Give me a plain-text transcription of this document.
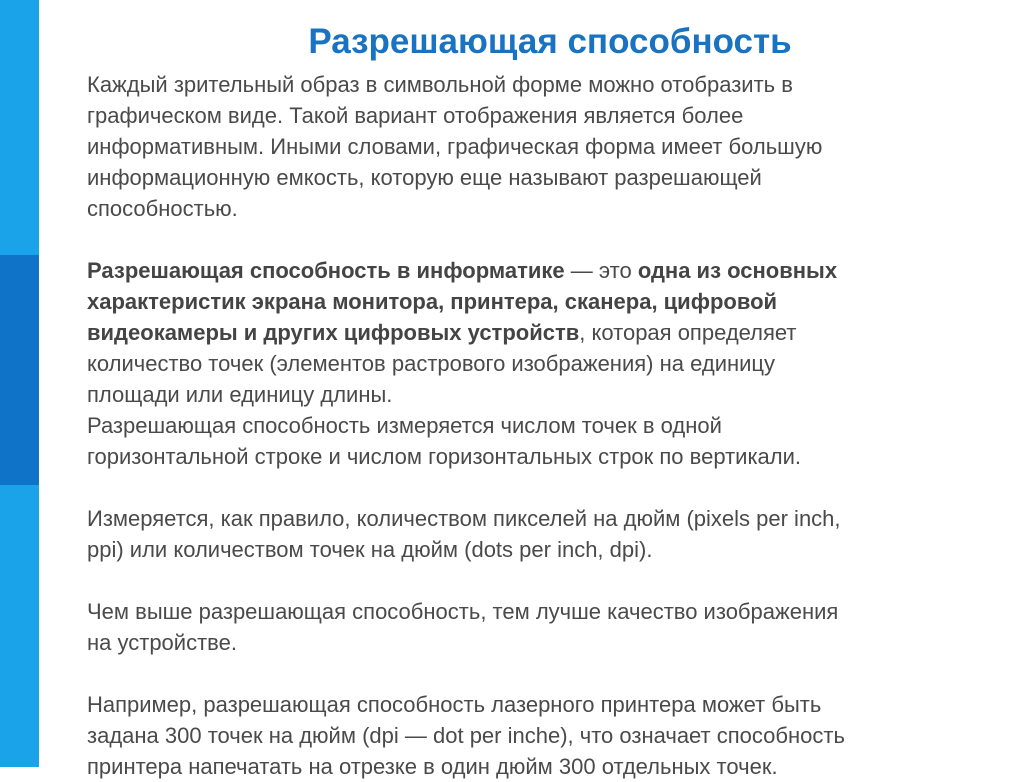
Разрешающая способность

Каждый зрительный образ в символьной форме можно отобразить в
графическом виде. Такой вариант отображения является более
информативным. Иными словами, графическая форма имеет большую
информационную емкость, которую еще называют разрешающей
способностью.

Разрешающая способность в информатике — это одна из основных
характеристик экрана монитора, принтера, сканера, цифровой
видеокамеры и других цифровых устройств, которая определяет
количество точек (элементов растрового изображения) на единицу
площади или единицу длины.

Разрешающая способность измеряется числом точек в одной
горизонтальной строке и числом горизонтальных строк по вертикали.

Измеряется, как правило, количеством пикселей на дюйм (pixels per inch,
ppi) или количеством точек на дюйм (dots per inch, dpi).

Чем выше разрешающая способность, тем лучше качество изображения
на устройстве.

Например, разрешающая способность лазерного принтера может быть
задана 300 точек на дюйм (dpi — dot per inche), что означает способность
принтера напечатать на отрезке в один дюйм 300 отдельных точек.
